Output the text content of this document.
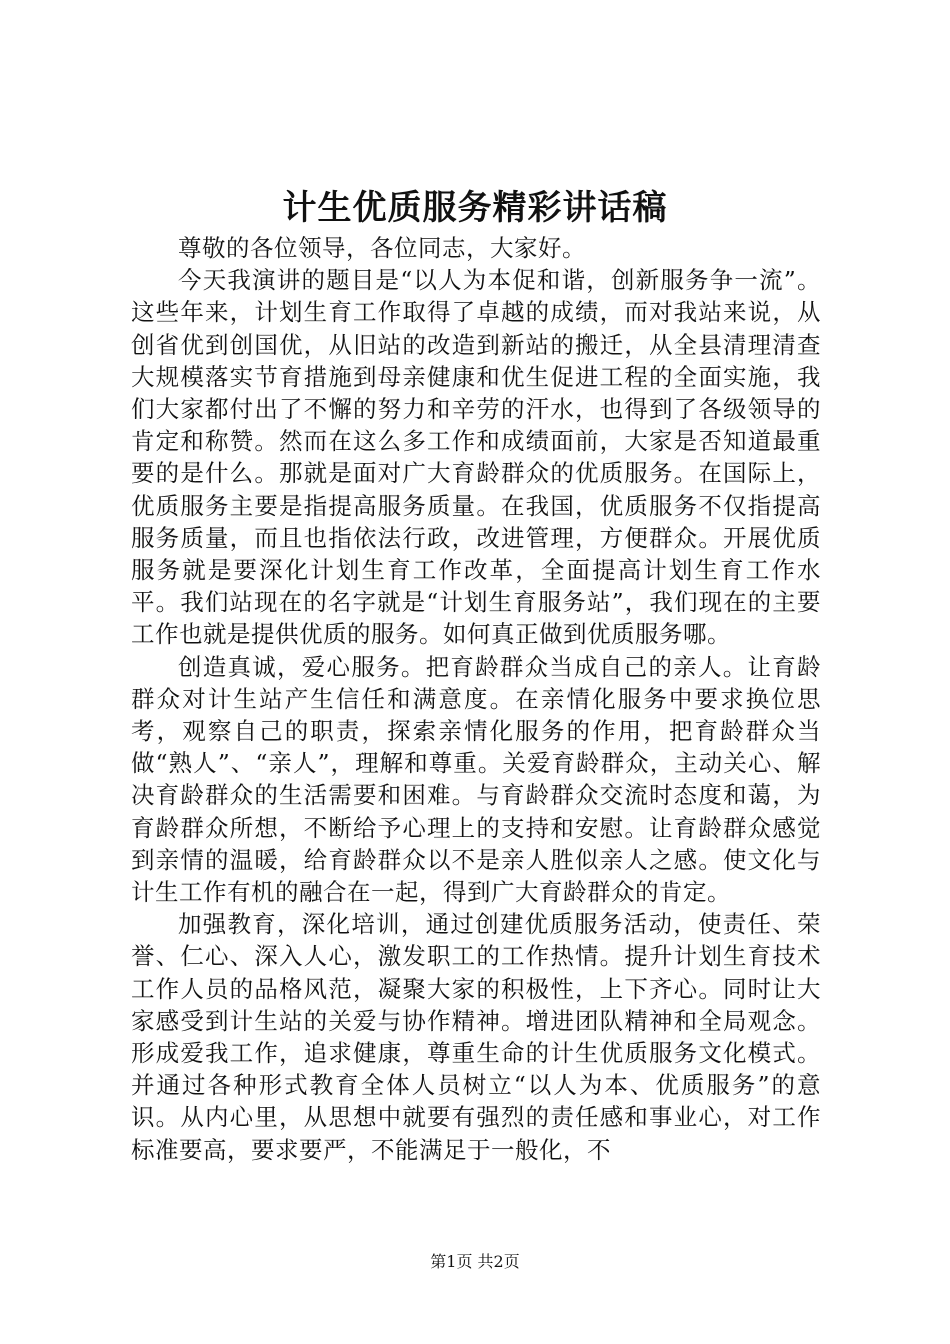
计生优质服务精彩讲话稿

尊敬的各位领导，各位同志，大家好。

今天我演讲的题目是“以人为本促和谐，创新服务争一流”。这些年来，计划生育工作取得了卓越的成绩，而对我站来说，从创省优到创国优，从旧站的改造到新站的搬迁，从全县清理清查大规模落实节育措施到母亲健康和优生促进工程的全面实施，我们大家都付出了不懈的努力和辛劳的汗水，也得到了各级领导的肯定和称赞。然而在这么多工作和成绩面前，大家是否知道最重要的是什么。那就是面对广大育龄群众的优质服务。在国际上，优质服务主要是指提高服务质量。在我国，优质服务不仅指提高服务质量，而且也指依法行政，改进管理，方便群众。开展优质服务就是要深化计划生育工作改革，全面提高计划生育工作水平。我们站现在的名字就是“计划生育服务站”，我们现在的主要工作也就是提供优质的服务。如何真正做到优质服务哪。

创造真诚，爱心服务。把育龄群众当成自己的亲人。让育龄群众对计生站产生信任和满意度。在亲情化服务中要求换位思考，观察自己的职责，探索亲情化服务的作用，把育龄群众当做“熟人”、“亲人”，理解和尊重。关爱育龄群众，主动关心、解决育龄群众的生活需要和困难。与育龄群众交流时态度和蔼，为育龄群众所想，不断给予心理上的支持和安慰。让育龄群众感觉到亲情的温暖，给育龄群众以不是亲人胜似亲人之感。使文化与计生工作有机的融合在一起，得到广大育龄群众的肯定。

加强教育，深化培训，通过创建优质服务活动，使责任、荣誉、仁心、深入人心，激发职工的工作热情。提升计划生育技术工作人员的品格风范，凝聚大家的积极性，上下齐心。同时让大家感受到计生站的关爱与协作精神。增进团队精神和全局观念。形成爱我工作，追求健康，尊重生命的计生优质服务文化模式。并通过各种形式教育全体人员树立“以人为本、优质服务”的意识。从内心里，从思想中就要有强烈的责任感和事业心，对工作标准要高，要求要严，不能满足于一般化，不

第1页 共2页
